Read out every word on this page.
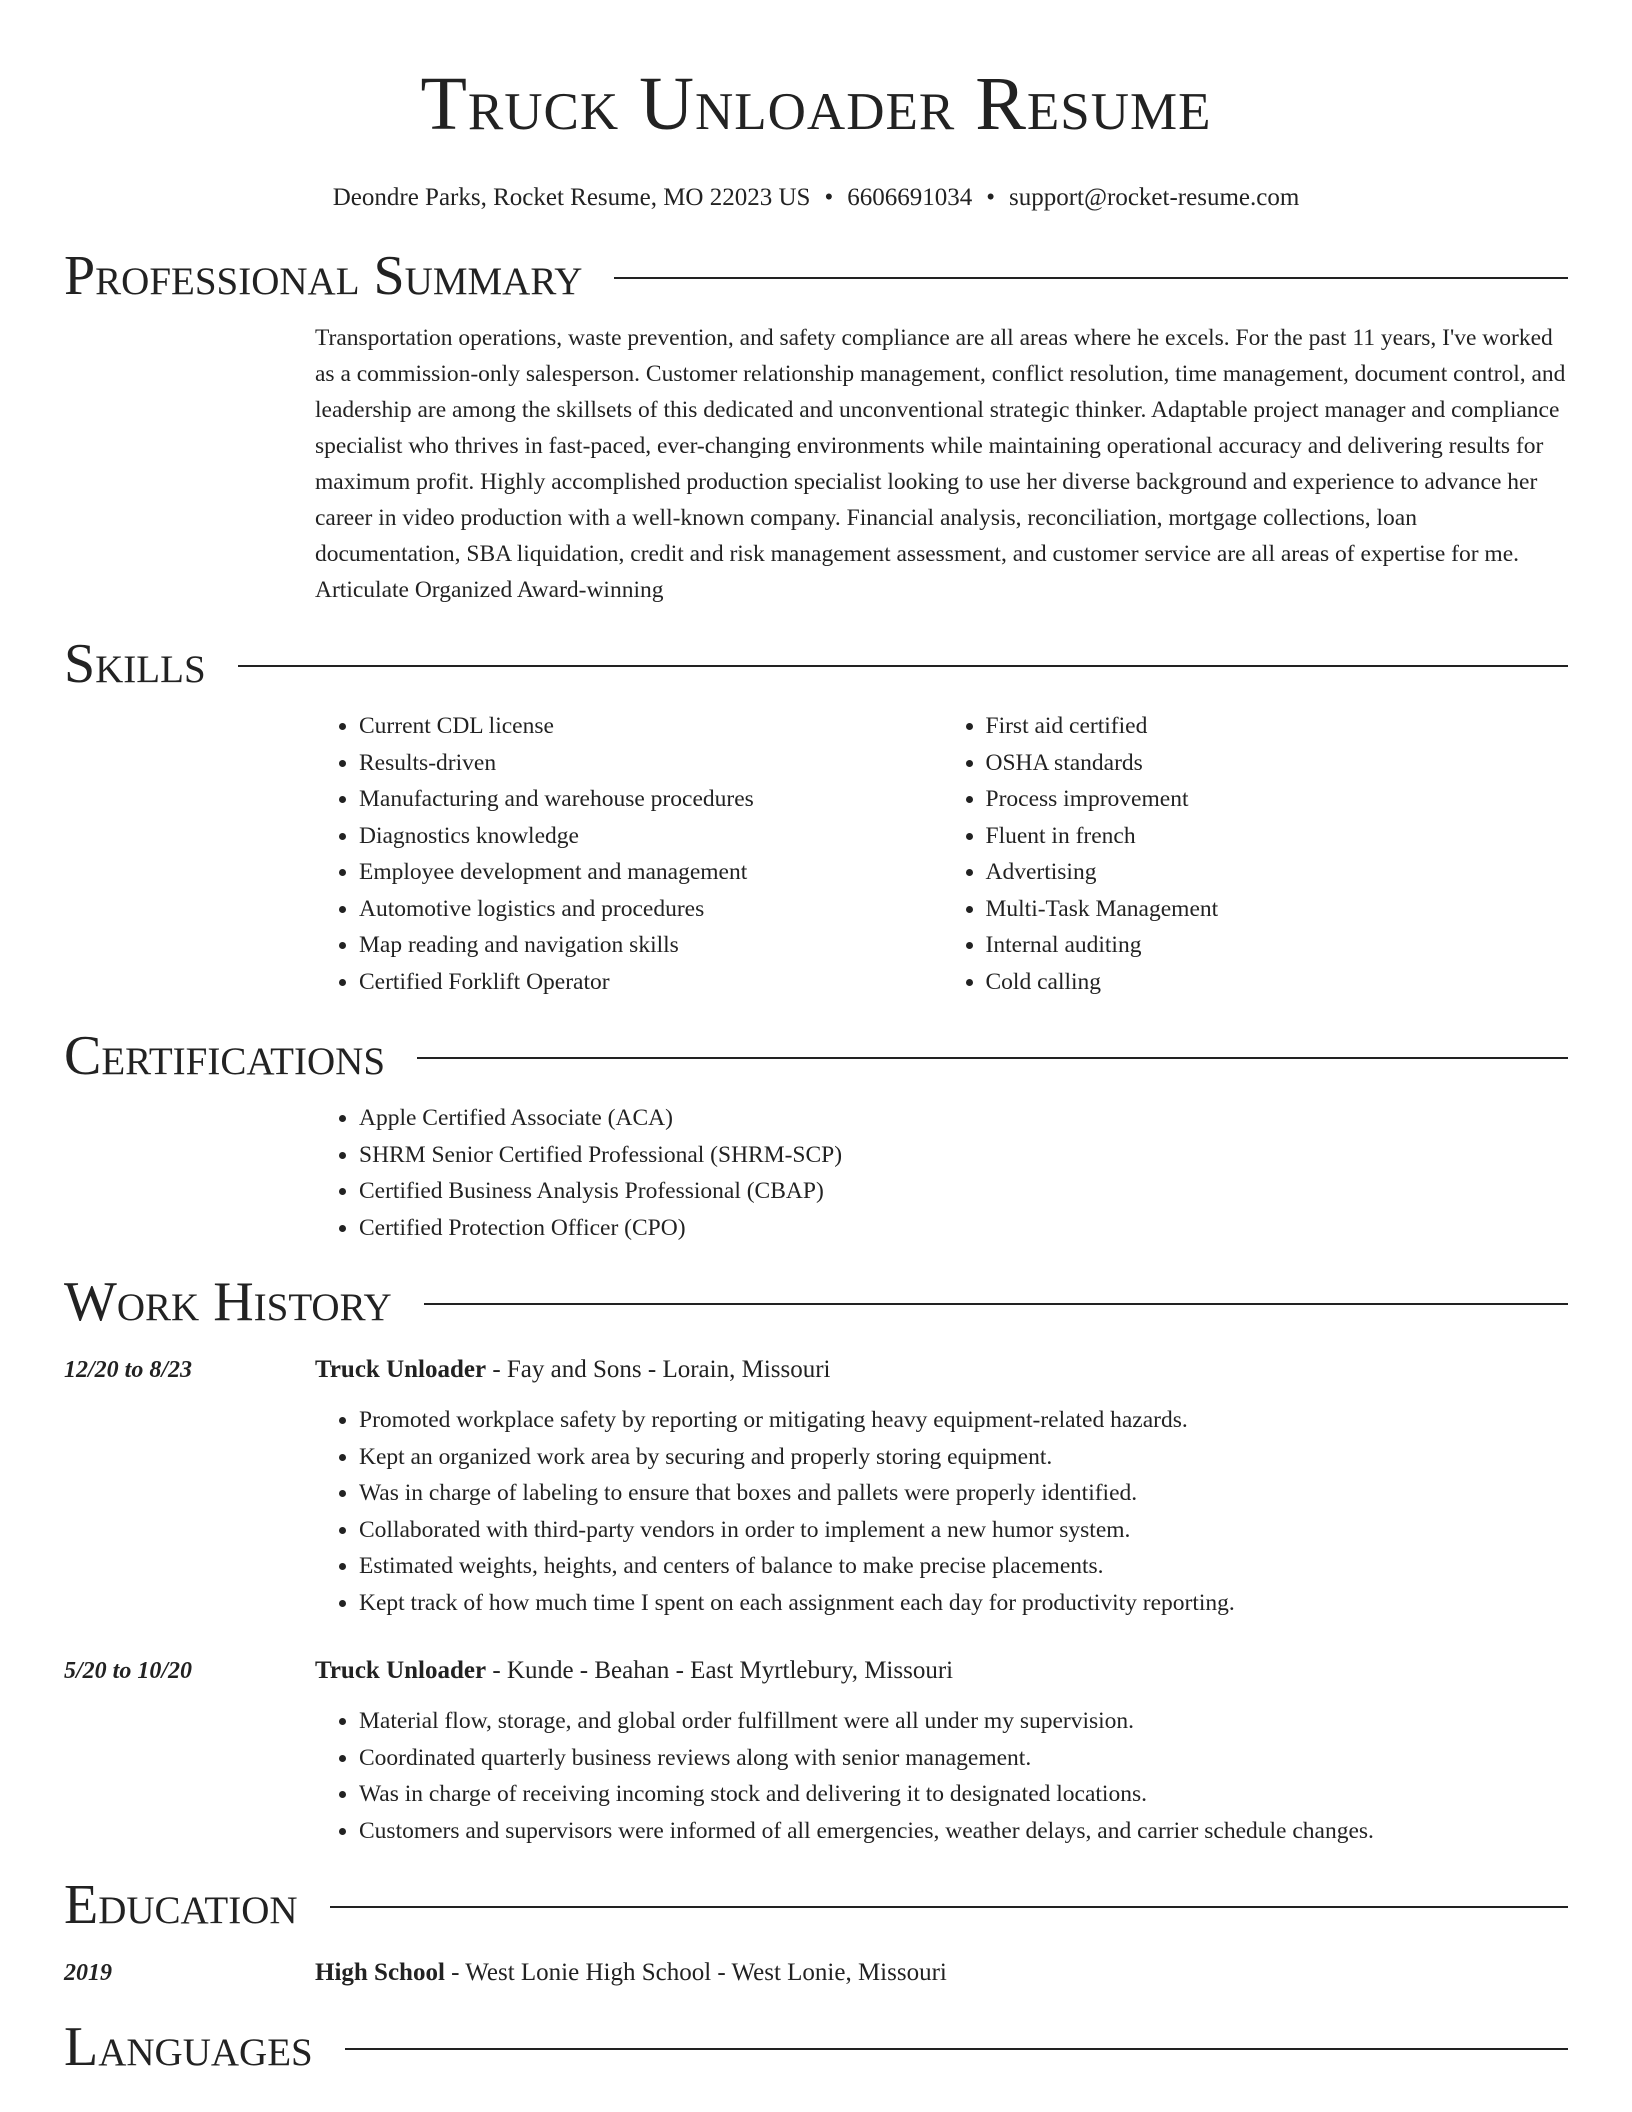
Truck Unloader Resume
Deondre Parks, Rocket Resume, MO 22023 US • 6606691034 • support@rocket-resume.com
Professional Summary
Transportation operations, waste prevention, and safety compliance are all areas where he excels. For the past 11 years, I've worked as a commission-only salesperson. Customer relationship management, conflict resolution, time management, document control, and leadership are among the skillsets of this dedicated and unconventional strategic thinker. Adaptable project manager and compliance specialist who thrives in fast-paced, ever-changing environments while maintaining operational accuracy and delivering results for maximum profit. Highly accomplished production specialist looking to use her diverse background and experience to advance her career in video production with a well-known company. Financial analysis, reconciliation, mortgage collections, loan documentation, SBA liquidation, credit and risk management assessment, and customer service are all areas of expertise for me. Articulate Organized Award-winning
Skills
• Current CDL license
• Results-driven
• Manufacturing and warehouse procedures
• Diagnostics knowledge
• Employee development and management
• Automotive logistics and procedures
• Map reading and navigation skills
• Certified Forklift Operator
• First aid certified
• OSHA standards
• Process improvement
• Fluent in french
• Advertising
• Multi-Task Management
• Internal auditing
• Cold calling
Certifications
• Apple Certified Associate (ACA)
• SHRM Senior Certified Professional (SHRM-SCP)
• Certified Business Analysis Professional (CBAP)
• Certified Protection Officer (CPO)
Work History
12/20 to 8/23	Truck Unloader - Fay and Sons - Lorain, Missouri
• Promoted workplace safety by reporting or mitigating heavy equipment-related hazards.
• Kept an organized work area by securing and properly storing equipment.
• Was in charge of labeling to ensure that boxes and pallets were properly identified.
• Collaborated with third-party vendors in order to implement a new humor system.
• Estimated weights, heights, and centers of balance to make precise placements.
• Kept track of how much time I spent on each assignment each day for productivity reporting.
5/20 to 10/20	Truck Unloader - Kunde - Beahan - East Myrtlebury, Missouri
• Material flow, storage, and global order fulfillment were all under my supervision.
• Coordinated quarterly business reviews along with senior management.
• Was in charge of receiving incoming stock and delivering it to designated locations.
• Customers and supervisors were informed of all emergencies, weather delays, and carrier schedule changes.
Education
2019	High School - West Lonie High School - West Lonie, Missouri
Languages
